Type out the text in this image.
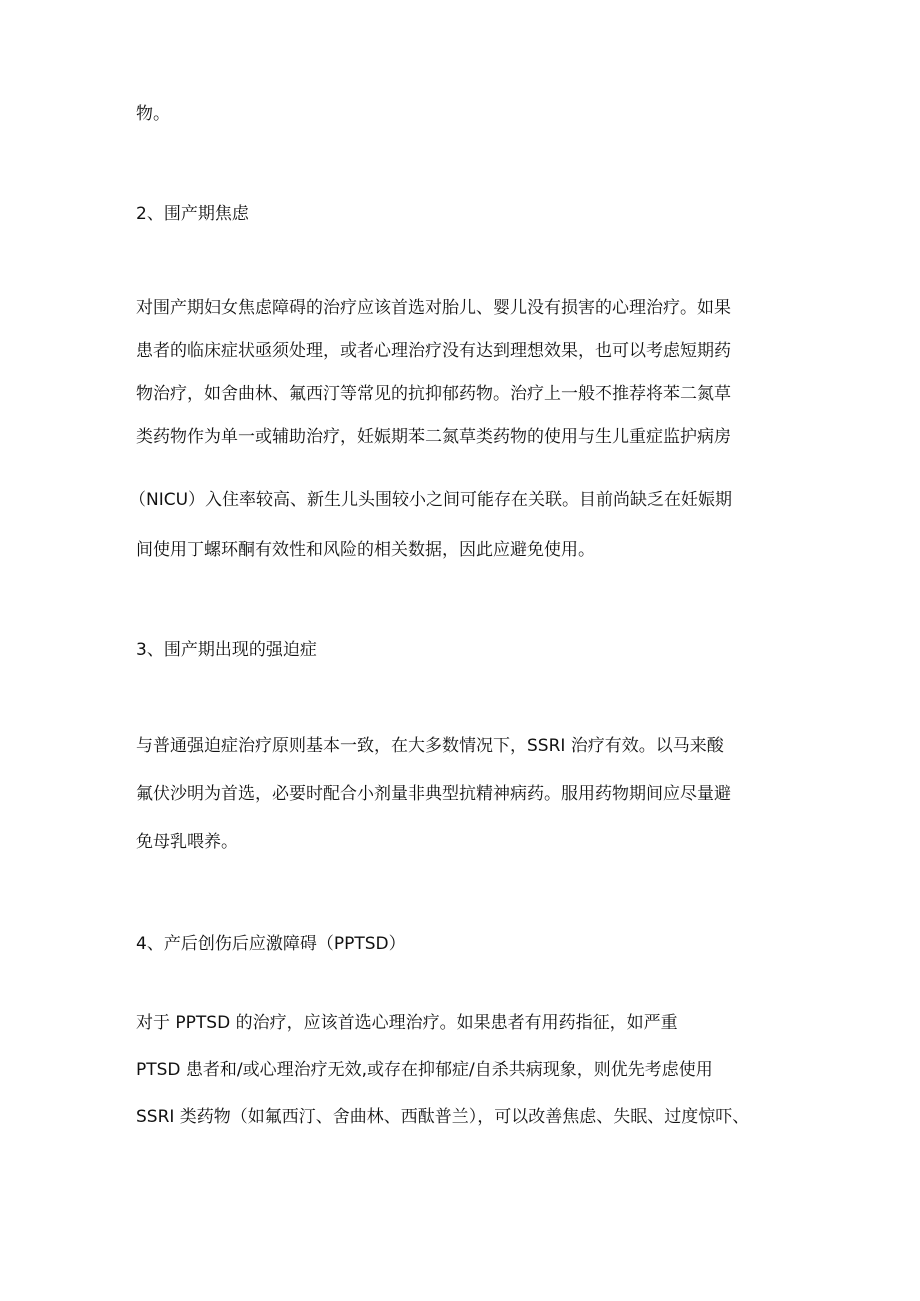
物。

2、围产期焦虑

对围产期妇女焦虑障碍的治疗应该首选对胎儿、婴儿没有损害的心理治疗。如果

患者的临床症状亟须处理，或者心理治疗没有达到理想效果，也可以考虑短期药

物治疗，如舍曲林、氟西汀等常见的抗抑郁药物。治疗上一般不推荐将苯二氮草

类药物作为单一或辅助治疗，妊娠期苯二氮草类药物的使用与生儿重症监护病房

（NICU）入住率较高、新生儿头围较小之间可能存在关联。目前尚缺乏在妊娠期

间使用丁螺环酮有效性和风险的相关数据，因此应避免使用。

3、围产期出现的强迫症

与普通强迫症治疗原则基本一致，在大多数情况下，SSRI 治疗有效。以马来酸

氟伏沙明为首选，必要时配合小剂量非典型抗精神病药。服用药物期间应尽量避

免母乳喂养。

4、产后创伤后应激障碍（PPTSD）

对于 PPTSD 的治疗，应该首选心理治疗。如果患者有用药指征，如严重

PTSD 患者和/或心理治疗无效,或存在抑郁症/自杀共病现象，则优先考虑使用

SSRI 类药物（如氟西汀、舍曲林、西酞普兰），可以改善焦虑、失眠、过度惊吓、
